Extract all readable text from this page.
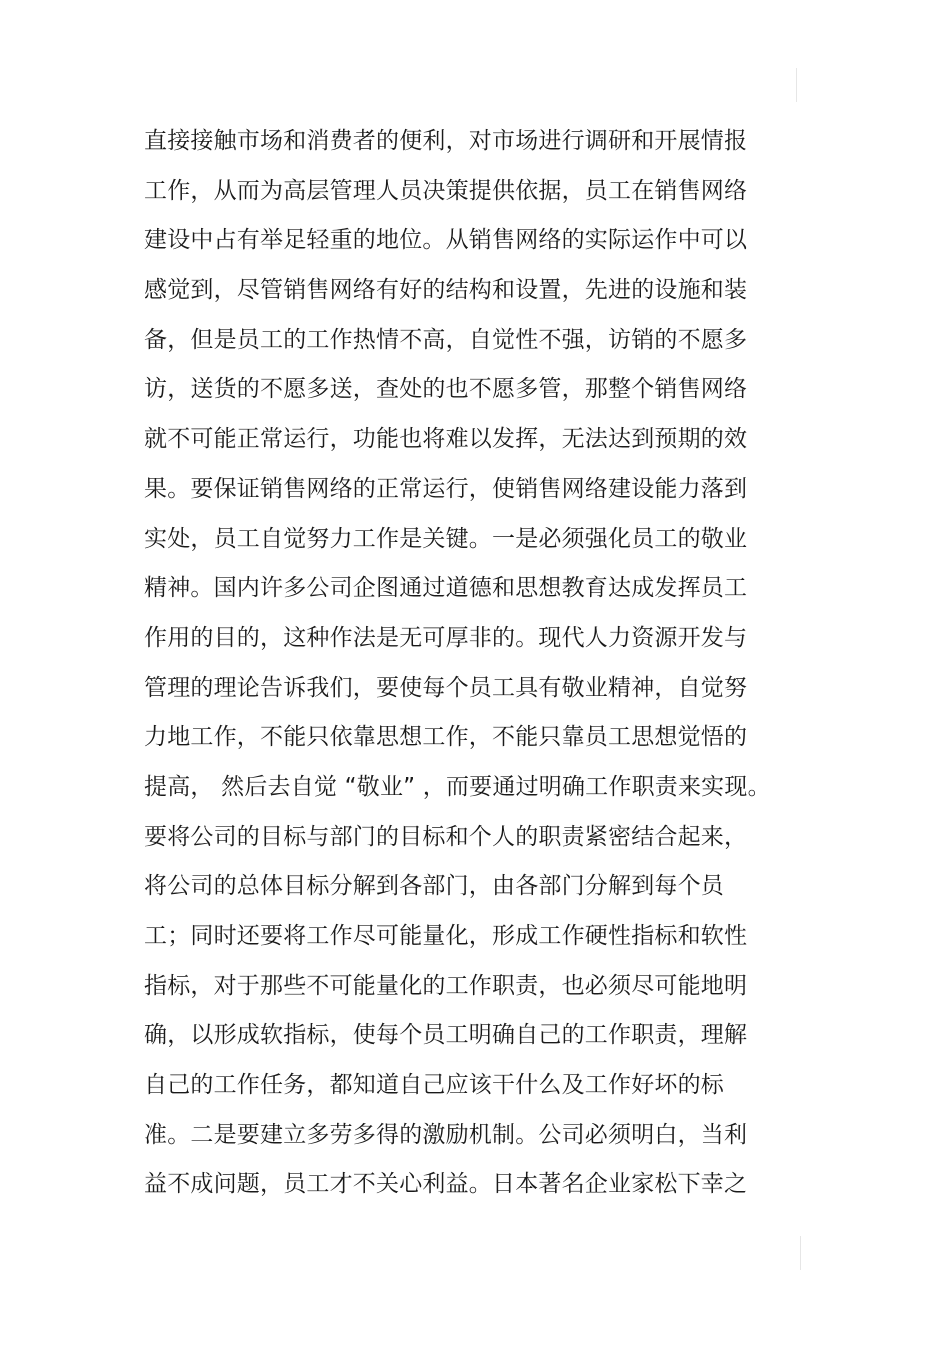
直接接触市场和消费者的便利，对市场进行调研和开展情报
工作，从而为高层管理人员决策提供依据，员工在销售网络
建设中占有举足轻重的地位。从销售网络的实际运作中可以
感觉到，尽管销售网络有好的结构和设置，先进的设施和装
备，但是员工的工作热情不高，自觉性不强，访销的不愿多
访，送货的不愿多送，查处的也不愿多管，那整个销售网络
就不可能正常运行，功能也将难以发挥，无法达到预期的效
果。要保证销售网络的正常运行，使销售网络建设能力落到
实处，员工自觉努力工作是关键。一是必须强化员工的敬业
精神。国内许多公司企图通过道德和思想教育达成发挥员工
作用的目的，这种作法是无可厚非的。现代人力资源开发与
管理的理论告诉我们，要使每个员工具有敬业精神，自觉努
力地工作，不能只依靠思想工作，不能只靠员工思想觉悟的
提高， 然后去自觉 “敬业” ，而要通过明确工作职责来实现。
要将公司的目标与部门的目标和个人的职责紧密结合起来，
将公司的总体目标分解到各部门，由各部门分解到每个员
工；同时还要将工作尽可能量化，形成工作硬性指标和软性
指标，对于那些不可能量化的工作职责，也必须尽可能地明
确，以形成软指标，使每个员工明确自己的工作职责，理解
自己的工作任务，都知道自己应该干什么及工作好坏的标
准。二是要建立多劳多得的激励机制。公司必须明白，当利
益不成问题，员工才不关心利益。日本著名企业家松下幸之
